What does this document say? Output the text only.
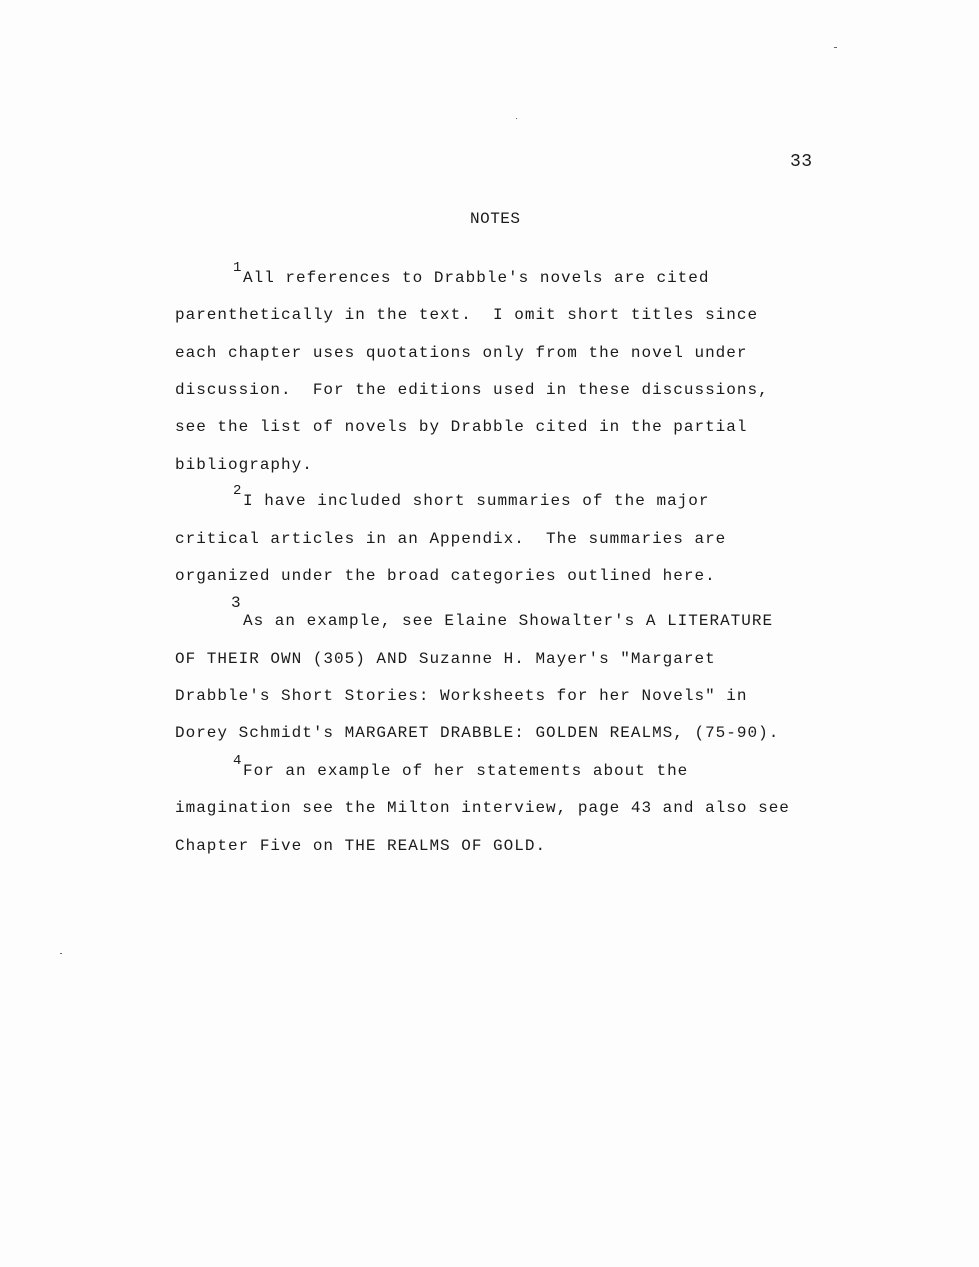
33
NOTES
1
All references to Drabble's novels are cited
parenthetically in the text.  I omit short titles since
each chapter uses quotations only from the novel under
discussion.  For the editions used in these discussions,
see the list of novels by Drabble cited in the partial
bibliography.
2
I have included short summaries of the major
critical articles in an Appendix.  The summaries are
organized under the broad categories outlined here.
3
As an example, see Elaine Showalter's A LITERATURE
OF THEIR OWN (305) AND Suzanne H. Mayer's "Margaret
Drabble's Short Stories: Worksheets for her Novels" in
Dorey Schmidt's MARGARET DRABBLE: GOLDEN REALMS, (75-90).
4
For an example of her statements about the
imagination see the Milton interview, page 43 and also see
Chapter Five on THE REALMS OF GOLD.
